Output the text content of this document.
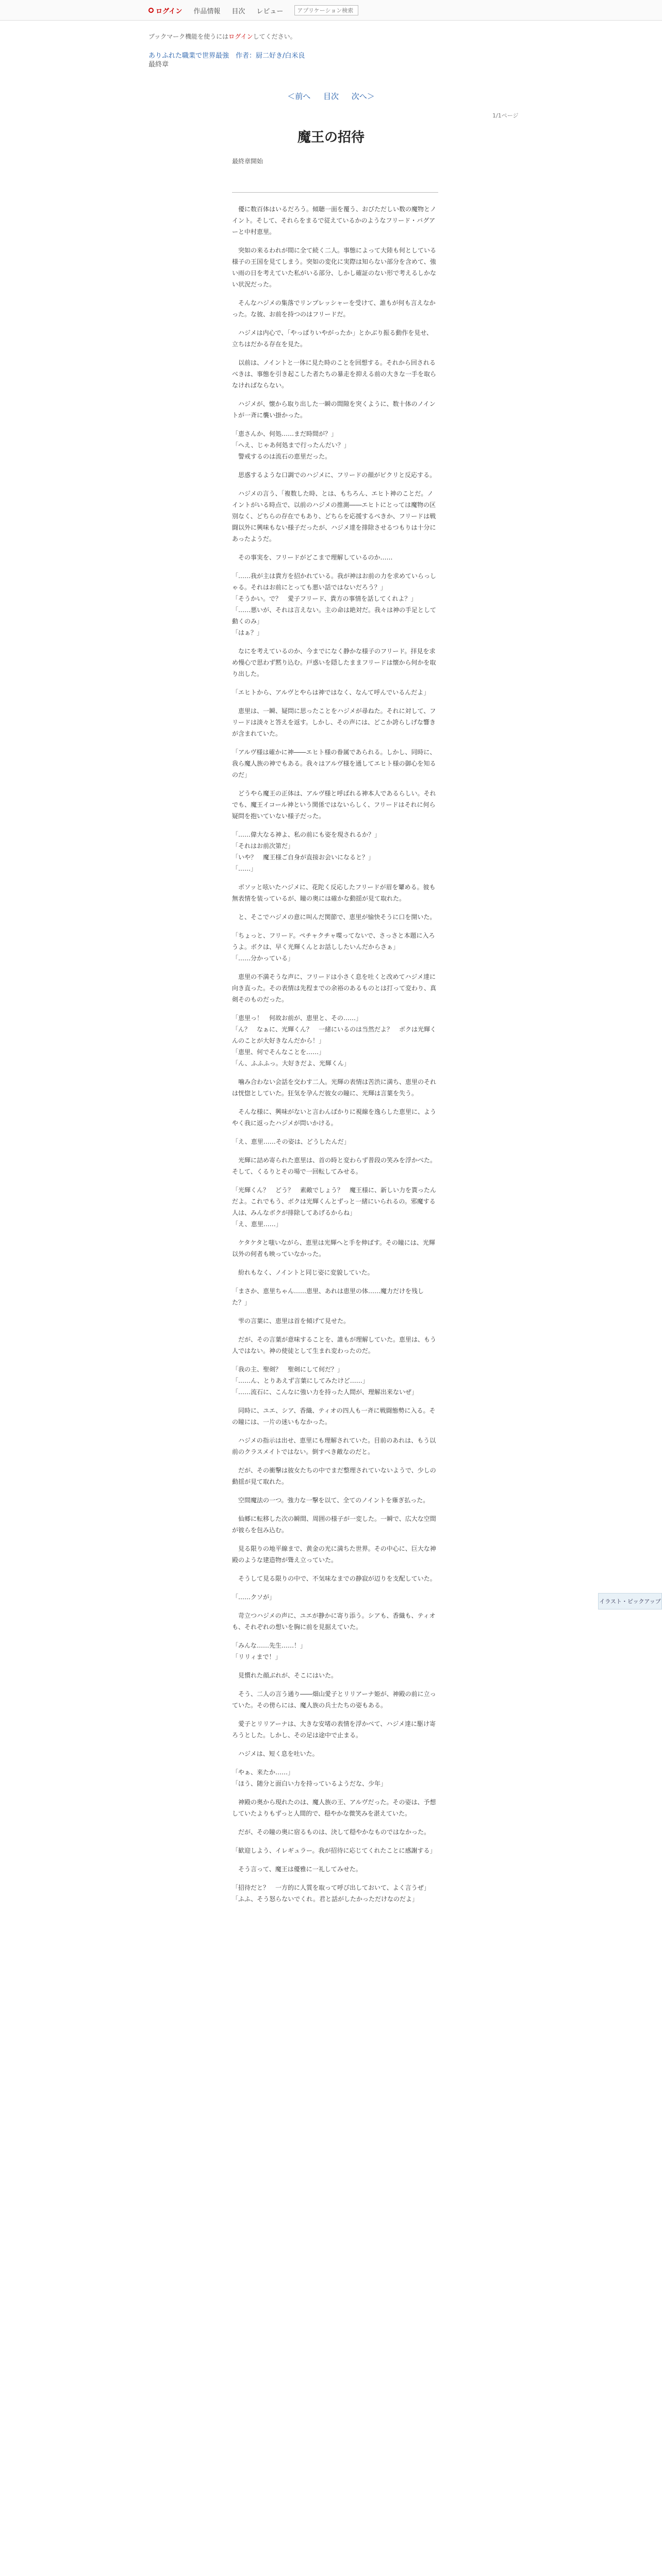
ログイン 作品情報 目次 レビュー
アプリケーション検索
ブックマーク機能を使うにはログインしてください。
ありふれた職業で世界最強　作者：厨二好き/白米良
最終章
＜前へ 目次 次へ＞
1/1ページ
魔王の招待
最終章開始

　優に数百体はいるだろう。傾聴一面を覆う、おびただしい数の魔物とノイント。そして、それらをまるで従えているかのようなフリード・バグアーと中村恵里。

　突如の来るわれが間に全て続く二人。事態によって大陸も何としている様子の王国を見てしまう。突如の変化に実際は知らない部分を含めて、強い雨の日を考えていた私がいる部分、しかし確証のない形で考えるしかない状況だった。

　そんなハジメの集落でリンプレッシャーを受けて、誰もが何も言えなかった。な彼、お前を持つのはフリードだ。

　ハジメは内心で、「やっぱりいやがったか」とかぶり振る動作を見せ、立ちはだかる存在を見た。

　以前は、ノイントと一体に見た時のことを回想する。それから回されるべきは、事態を引き起こした者たちの暴走を抑える前の大きな一手を取らなければならない。

　ハジメが、懐から取り出した一瞬の間隙を突くように、数十体のノイントが一斉に襲い掛かった。

「恵さんか、何処……まだ時間が？」
「へえ、じゃあ何処まで行ったんだい？」
　警戒するのは流石の恵里だった。

　思惑するような口調でのハジメに、フリードの顔がピクリと反応する。

　ハジメの言う、「複数した時、とは、もちろん、エヒト神のことだ。ノイントがいる時点で、以前のハジメの推測――エヒトにとっては魔物の区別なく、どちらの存在でもあり、どちらを応援するべきか、フリードは戦闘以外に興味もない様子だったが、ハジメ達を排除させるつもりは十分にあったようだ。

　その事実を、フリードがどこまで理解しているのか……

「……我が主は貴方を招かれている。我が神はお前の力を求めていらっしゃる。それはお前にとっても悪い話ではないだろう？」
「そうかい。で？　愛子フリード、貴方の事情を話してくれよ？」
「……悪いが、それは言えない。主の命は絶対だ。我々は神の手足として動くのみ」
「はぁ？」

　なにを考えているのか、今までになく静かな様子のフリード。拝見を求め慢心で思わず黙り込む。戸惑いを隠したままフリードは懐から何かを取り出した。

「エヒトから、アルヴとやらは神ではなく、なんて呼んでいるんだよ」

　恵里は、一瞬、疑問に思ったことをハジメが尋ねた。それに対して、フリードは淡々と答えを返す。しかし、その声には、どこか誇らしげな響きが含まれていた。

「アルヴ様は確かに神――エヒト様の眷属であられる。しかし、同時に、我ら魔人族の神でもある。我々はアルヴ様を通してエヒト様の御心を知るのだ」

　どうやら魔王の正体は、アルヴ様と呼ばれる神本人であるらしい。それでも、魔王イコール神という関係ではないらしく、フリードはそれに何ら疑問を抱いていない様子だった。

「……偉大なる神よ、私の前にも姿を現されるか？」
「それはお前次第だ」
「いや？　魔王様ご自身が直接お会いになると？」
「……」

　ボソッと呟いたハジメに、花陀く反応したフリードが眉を顰める。彼も無表情を装っているが、瞳の奥には確かな動揺が見て取れた。

　と、そこでハジメの意に叫んだ関節で、恵里が愉快そうに口を開いた。

「ちょっと、フリード。ペチャクチャ喋ってないで、さっさと本題に入ろうよ。ボクは、早く光輝くんとお話ししたいんだからさぁ」
「……分かっている」

　恵里の不満そうな声に、フリードは小さく息を吐くと改めてハジメ達に向き直った。その表情は先程までの余裕のあるものとは打って変わり、真剣そのものだった。

「恵里っ！　何故お前が、恵里と、その……」
「ん？　なぁに、光輝くん？　一緒にいるのは当然だよ？　ボクは光輝くんのことが大好きなんだから！」
「恵里、何でそんなことを……」
「ん、ふふふっ。大好きだよ、光輝くん」

　噛み合わない会話を交わす二人。光輝の表情は苦渋に満ち、恵里のそれは恍惚としていた。狂気を孕んだ彼女の瞳に、光輝は言葉を失う。

　そんな様に、興味がないと言わんばかりに視線を逸らした恵里に、ようやく我に返ったハジメが問いかける。

「え、恵里……その姿は、どうしたんだ」

　光輝に詰め寄られた恵里は、首の時と変わらず普段の笑みを浮かべた。そして、くるりとその場で一回転してみせる。

「光輝くん？　どう？　素敵でしょう？　魔王様に、新しい力を貰ったんだよ。これでもう、ボクは光輝くんとずっと一緒にいられるの。邪魔する人は、みんなボクが排除してあげるからね」
「え、恵里……」

　ケタケタと嗤いながら、恵里は光輝へと手を伸ばす。その瞳には、光輝以外の何者も映っていなかった。

　紛れもなく、ノイントと同じ姿に変貌していた。

「まさか、恵里ちゃん……恵里、あれは恵里の体……魔力だけを残した？」

　雫の言葉に、恵里は首を傾げて見せた。

　だが、その言葉が意味することを、誰もが理解していた。恵里は、もう人ではない。神の使徒として生まれ変わったのだ。

「我の主、聖剣？　聖剣にして何だ？」
「……ん、とりあえず言葉にしてみたけど……」
「……流石に、こんなに強い力を持った人間が、理解出来ないぜ」

　同時に、ユエ、シア、香織、ティオの四人も一斉に戦闘態勢に入る。その瞳には、一片の迷いもなかった。

　ハジメの指示は出せ、恵里にも理解されていた。目前のあれは、もう以前のクラスメイトではない。倒すべき敵なのだと。

　だが、その衝撃は彼女たちの中でまだ整理されていないようで、少しの動揺が見て取れた。

　空間魔法の一つ。強力な一撃を以て、全てのノイントを薙ぎ払った。

　仙郷に転移した次の瞬間、周囲の様子が一変した。一瞬で、広大な空間が彼らを包み込む。

　見る限りの地平線まで、黄金の光に満ちた世界。その中心に、巨大な神殿のような建造物が聳え立っていた。

　そうして見る限りの中で、不気味なまでの静寂が辺りを支配していた。

「……クソが」

　苛立つハジメの声に、ユエが静かに寄り添う。シアも、香織も、ティオも、それぞれの想いを胸に前を見据えていた。

「みんな……先生……！」
「リリィまで！」

　見慣れた顔ぶれが、そこにはいた。

　そう、二人の言う通り――畑山愛子とリリアーナ姫が、神殿の前に立っていた。その傍らには、魔人族の兵士たちの姿もある。

　愛子とリリアーナは、大きな安堵の表情を浮かべて、ハジメ達に駆け寄ろうとした。しかし、その足は途中で止まる。

　ハジメは、短く息を吐いた。

「やぁ、来たか……」
「ほう、随分と面白い力を持っているようだな、少年」

　神殿の奥から現れたのは、魔人族の王、アルヴだった。その姿は、予想していたよりもずっと人間的で、穏やかな微笑みを湛えていた。

　だが、その瞳の奥に宿るものは、決して穏やかなものではなかった。

「歓迎しよう、イレギュラー。我が招待に応じてくれたことに感謝する」

　そう言って、魔王は優雅に一礼してみせた。

「招待だと？　一方的に人質を取って呼び出しておいて、よく言うぜ」
「ふふ、そう怒らないでくれ。君と話がしたかっただけなのだよ」

イラスト・ピックアップ
